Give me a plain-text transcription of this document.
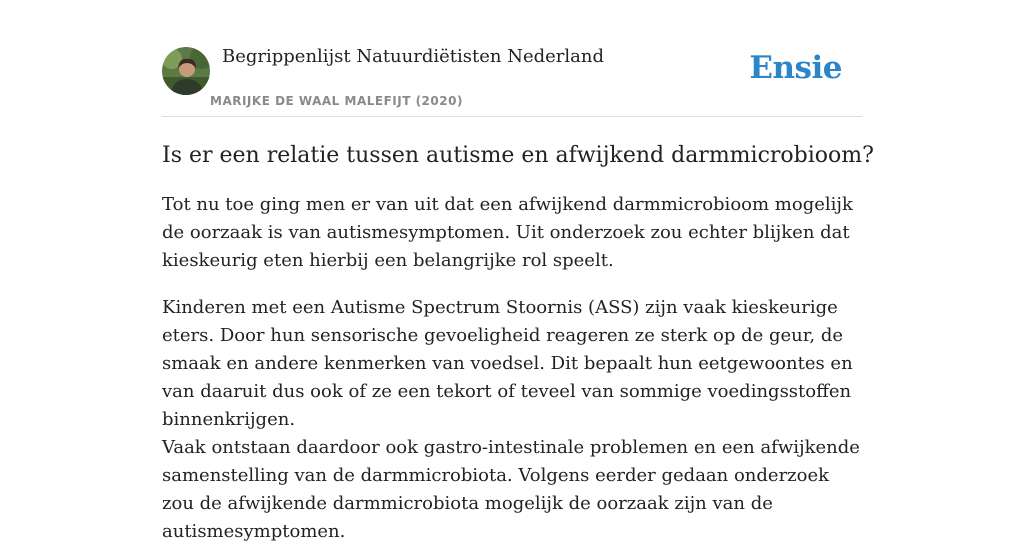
Begrippenlijst Natuurdiëtisten Nederland
MARIJKE DE WAAL MALEFIJT (2020)
Ensie
Is er een relatie tussen autisme en afwijkend darmmicrobioom?

Tot nu toe ging men er van uit dat een afwijkend darmmicrobioom mogelijk de oorzaak is van autismesymptomen. Uit onderzoek zou echter blijken dat kieskeurig eten hierbij een belangrijke rol speelt.

Kinderen met een Autisme Spectrum Stoornis (ASS) zijn vaak kieskeurige eters. Door hun sensorische gevoeligheid reageren ze sterk op de geur, de smaak en andere kenmerken van voedsel. Dit bepaalt hun eetgewoontes en van daaruit dus ook of ze een tekort of teveel van sommige voedingsstoffen binnenkrijgen.

Vaak ontstaan daardoor ook gastro-intestinale problemen en een afwijkende samenstelling van de darmmicrobiota. Volgens eerder gedaan onderzoek zou de afwijkende darmmicrobiota mogelijk de oorzaak zijn van de autismesymptomen.
